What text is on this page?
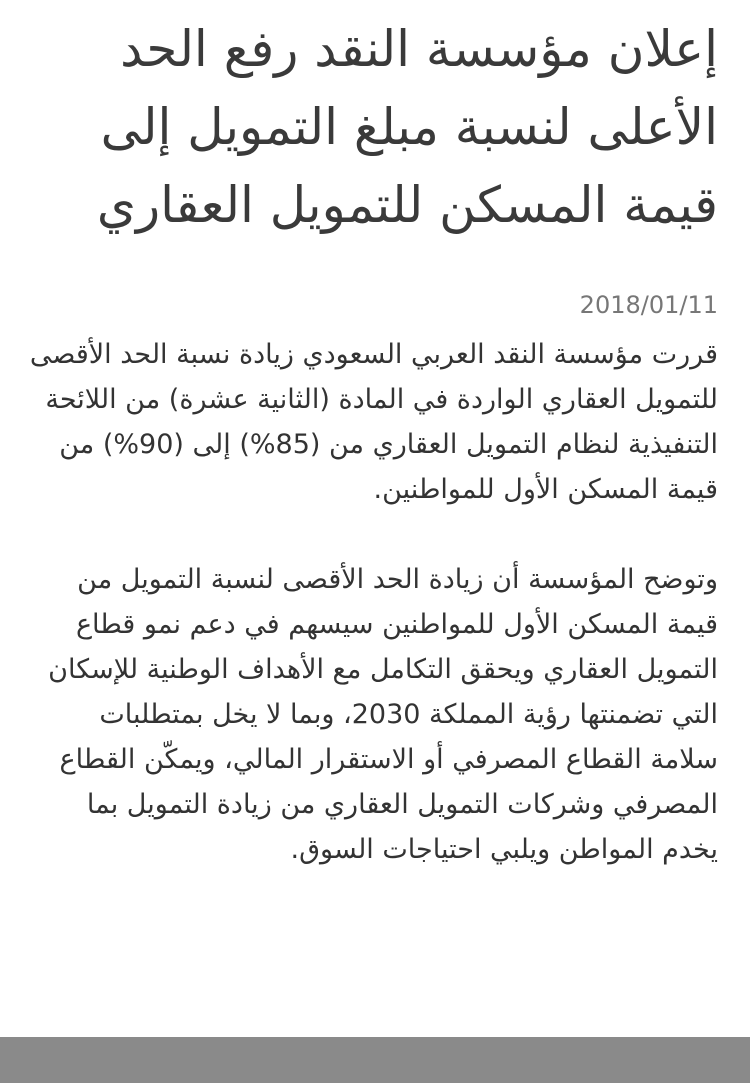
إعلان مؤسسة النقد رفع الحد الأعلى لنسبة مبلغ التمويل إلى قيمة المسكن للتمويل العقاري
2018/01/11

قررت مؤسسة النقد العربي السعودي زيادة نسبة الحد الأقصى للتمويل العقاري الواردة في المادة (الثانية عشرة) من اللائحة التنفيذية لنظام التمويل العقاري من (85%) إلى (90%) من قيمة المسكن الأول للمواطنين.

وتوضح المؤسسة أن زيادة الحد الأقصى لنسبة التمويل من قيمة المسكن الأول للمواطنين سيسهم في دعم نمو قطاع التمويل العقاري ويحقق التكامل مع الأهداف الوطنية للإسكان التي تضمنتها رؤية المملكة 2030، وبما لا يخل بمتطلبات سلامة القطاع المصرفي أو الاستقرار المالي، ويمكّن القطاع المصرفي وشركات التمويل العقاري من زيادة التمويل بما يخدم المواطن ويلبي احتياجات السوق.
